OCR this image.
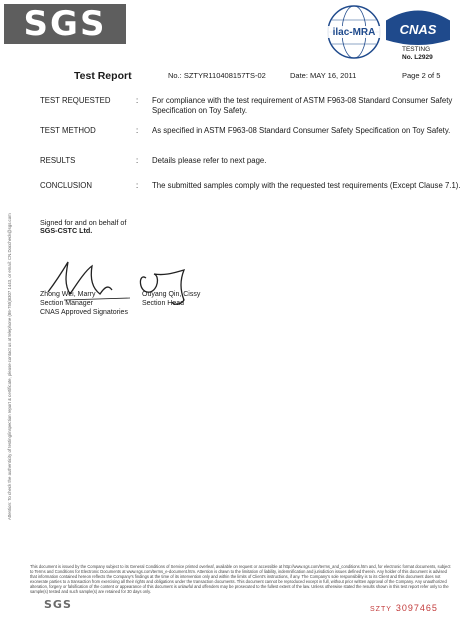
SGS	ilac-MRA CNAS
TESTING
No. L2929
Test Report	No.: SZTYR110408157TS-02	Date: MAY 16, 2011	Page 2 of 5
Attention: To check the authenticity of testing/inspection report & certificate, please contact us at telephone (86-755)8307 1443, or email: CN.Doccheck@sgs.com
TEST REQUESTED	: For compliance with the test requirement of ASTM F963-08 Standard Consumer Safety Specification on Toy Safety.
TEST METHOD	: As specified in ASTM F963-08 Standard Consumer Safety Specification on Toy Safety.
RESULTS	: Details please refer to next page.
CONCLUSION	: The submitted samples comply with the requested test requirements (Except Clause 7.1).
Signed for and on behalf of
SGS-CSTC Ltd.
Zhong Wei, Marry
Section Manager
CNAS Approved Signatories
Ouyang Qin, Cissy
Section Head
This document is issued by the Company subject to its General Conditions of Service printed overleaf, available on request or accessible at http://www.sgs.com/terms_and_conditions.htm and, for electronic format documents, subject to Terms and Conditions for Electronic Documents at www.sgs.com/terms_e-document.htm. Attention is drawn to the limitation of liability, indemnification and jurisdiction issues defined therein. Any holder of this document is advised that information contained hereon reflects the Company's findings at the time of its intervention only and within the limits of Client's instructions, if any. The Company's sole responsibility is to its Client and this document does not exonerate parties to a transaction from exercising all their rights and obligations under the transaction documents. This document cannot be reproduced except in full, without prior written approval of the Company. Any unauthorized alteration, forgery or falsification of the content or appearance of this document is unlawful and offenders may be prosecuted to the fullest extent of the law. Unless otherwise stated the results shown in this test report refer only to the sample(s) tested and such sample(s) are retained for 30 days only.
SGS	SZTY 3097465
